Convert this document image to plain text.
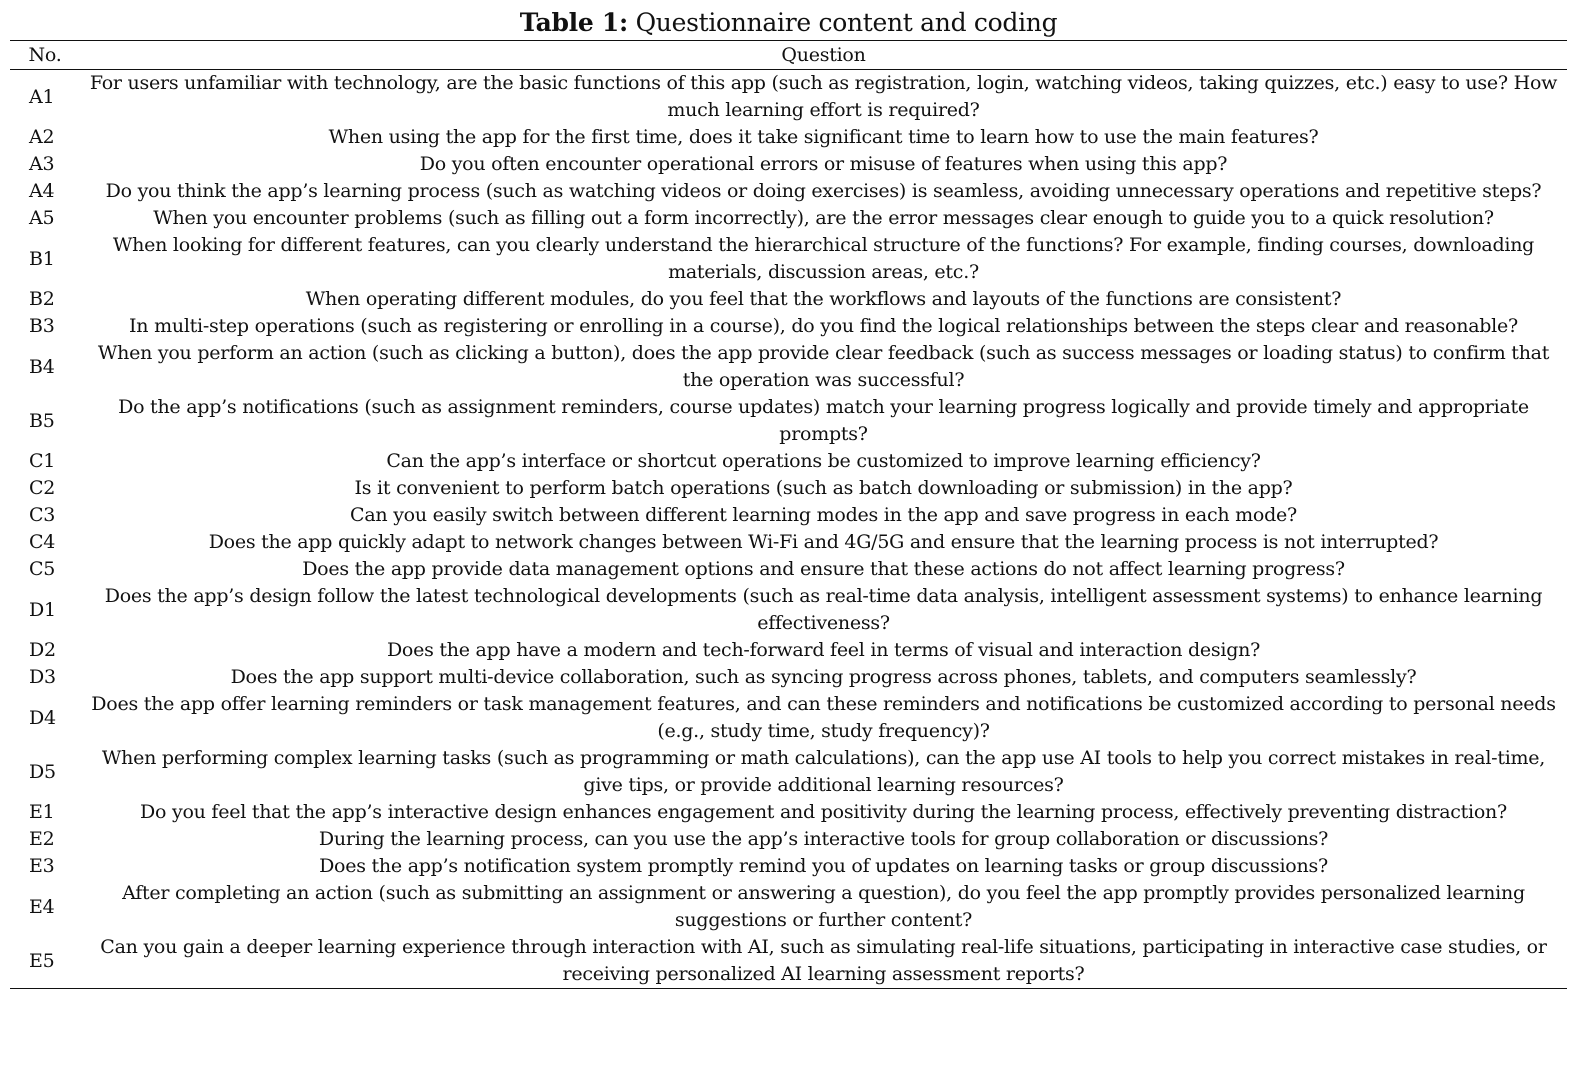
Table 1: Questionnaire content and coding
No.	Question
A1	For users unfamiliar with technology, are the basic functions of this app (such as registration, login, watching videos, taking quizzes, etc.) easy to use? How much learning effort is required?
A2	When using the app for the first time, does it take significant time to learn how to use the main features?
A3	Do you often encounter operational errors or misuse of features when using this app?
A4	Do you think the app’s learning process (such as watching videos or doing exercises) is seamless, avoiding unnecessary operations and repetitive steps?
A5	When you encounter problems (such as filling out a form incorrectly), are the error messages clear enough to guide you to a quick resolution?
B1	When looking for different features, can you clearly understand the hierarchical structure of the functions? For example, finding courses, downloading materials, discussion areas, etc.?
B2	When operating different modules, do you feel that the workflows and layouts of the functions are consistent?
B3	In multi-step operations (such as registering or enrolling in a course), do you find the logical relationships between the steps clear and reasonable?
B4	When you perform an action (such as clicking a button), does the app provide clear feedback (such as success messages or loading status) to confirm that the operation was successful?
B5	Do the app’s notifications (such as assignment reminders, course updates) match your learning progress logically and provide timely and appropriate prompts?
C1	Can the app’s interface or shortcut operations be customized to improve learning efficiency?
C2	Is it convenient to perform batch operations (such as batch downloading or submission) in the app?
C3	Can you easily switch between different learning modes in the app and save progress in each mode?
C4	Does the app quickly adapt to network changes between Wi-Fi and 4G/5G and ensure that the learning process is not interrupted?
C5	Does the app provide data management options and ensure that these actions do not affect learning progress?
D1	Does the app’s design follow the latest technological developments (such as real-time data analysis, intelligent assessment systems) to enhance learning effectiveness?
D2	Does the app have a modern and tech-forward feel in terms of visual and interaction design?
D3	Does the app support multi-device collaboration, such as syncing progress across phones, tablets, and computers seamlessly?
D4	Does the app offer learning reminders or task management features, and can these reminders and notifications be customized according to personal needs (e.g., study time, study frequency)?
D5	When performing complex learning tasks (such as programming or math calculations), can the app use AI tools to help you correct mistakes in real-time, give tips, or provide additional learning resources?
E1	Do you feel that the app’s interactive design enhances engagement and positivity during the learning process, effectively preventing distraction?
E2	During the learning process, can you use the app’s interactive tools for group collaboration or discussions?
E3	Does the app’s notification system promptly remind you of updates on learning tasks or group discussions?
E4	After completing an action (such as submitting an assignment or answering a question), do you feel the app promptly provides personalized learning suggestions or further content?
E5	Can you gain a deeper learning experience through interaction with AI, such as simulating real-life situations, participating in interactive case studies, or receiving personalized AI learning assessment reports?
